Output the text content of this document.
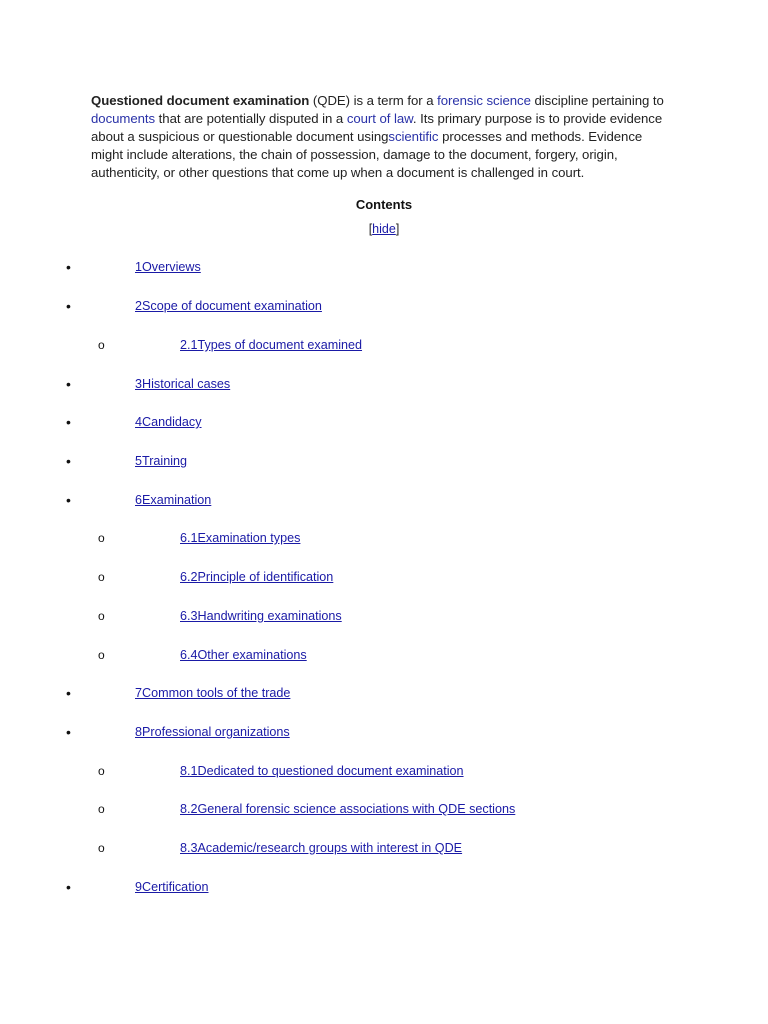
Questioned document examination (QDE) is a term for a forensic science discipline pertaining to documents that are potentially disputed in a court of law. Its primary purpose is to provide evidence about a suspicious or questionable document usingscientific processes and methods. Evidence might include alterations, the chain of possession, damage to the document, forgery, origin, authenticity, or other questions that come up when a document is challenged in court.

Contents
[hide]
•	1Overviews
•	2Scope of document examination
o	2.1Types of document examined
•	3Historical cases
•	4Candidacy
•	5Training
•	6Examination
o	6.1Examination types
o	6.2Principle of identification
o	6.3Handwriting examinations
o	6.4Other examinations
•	7Common tools of the trade
•	8Professional organizations
o	8.1Dedicated to questioned document examination
o	8.2General forensic science associations with QDE sections
o	8.3Academic/research groups with interest in QDE
•	9Certification
